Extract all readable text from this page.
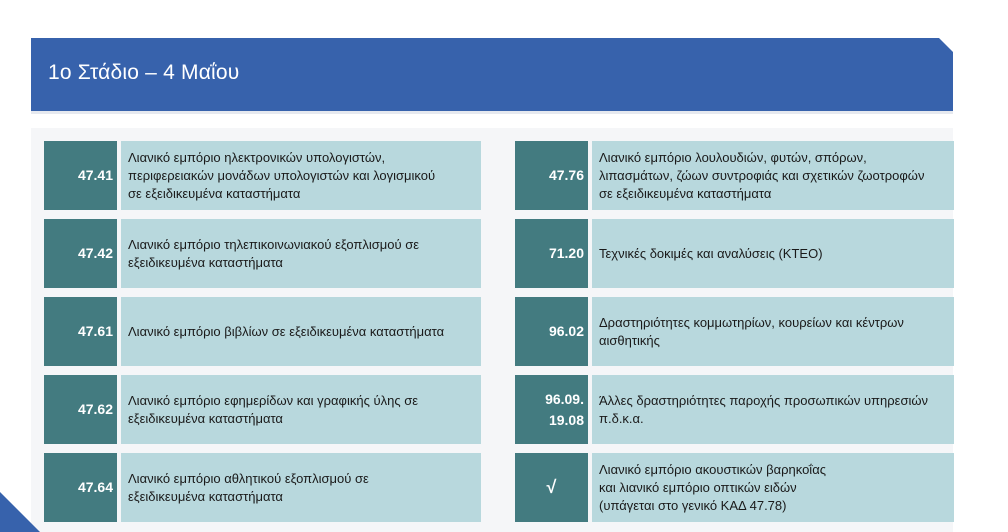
1ο Στάδιο – 4 Μαΐου
47.41
Λιανικό εμπόριο ηλεκτρονικών υπολογιστών,
περιφερειακών μονάδων υπολογιστών και λογισμικού
σε εξειδικευμένα καταστήματα
47.42
Λιανικό εμπόριο τηλεπικοινωνιακού εξοπλισμού σε
εξειδικευμένα καταστήματα
47.61	Λιανικό εμπόριο βιβλίων σε εξειδικευμένα καταστήματα
47.62
Λιανικό εμπόριο εφημερίδων και γραφικής ύλης σε
εξειδικευμένα καταστήματα
47.64
Λιανικό εμπόριο αθλητικού εξοπλισμού σε
εξειδικευμένα καταστήματα
47.76
Λιανικό εμπόριο λουλουδιών, φυτών, σπόρων,
λιπασμάτων, ζώων συντροφιάς και σχετικών ζωοτροφών
σε εξειδικευμένα καταστήματα
71.20	Τεχνικές δοκιμές και αναλύσεις (ΚΤΕΟ)
96.02
Δραστηριότητες κομμωτηρίων, κουρείων και κέντρων
αισθητικής
96.09.
19.08
Άλλες δραστηριότητες παροχής προσωπικών υπηρεσιών
π.δ.κ.α.
√
Λιανικό εμπόριο ακουστικών βαρηκοΐας
και λιανικό εμπόριο οπτικών ειδών
(υπάγεται στο γενικό ΚΑΔ 47.78)
